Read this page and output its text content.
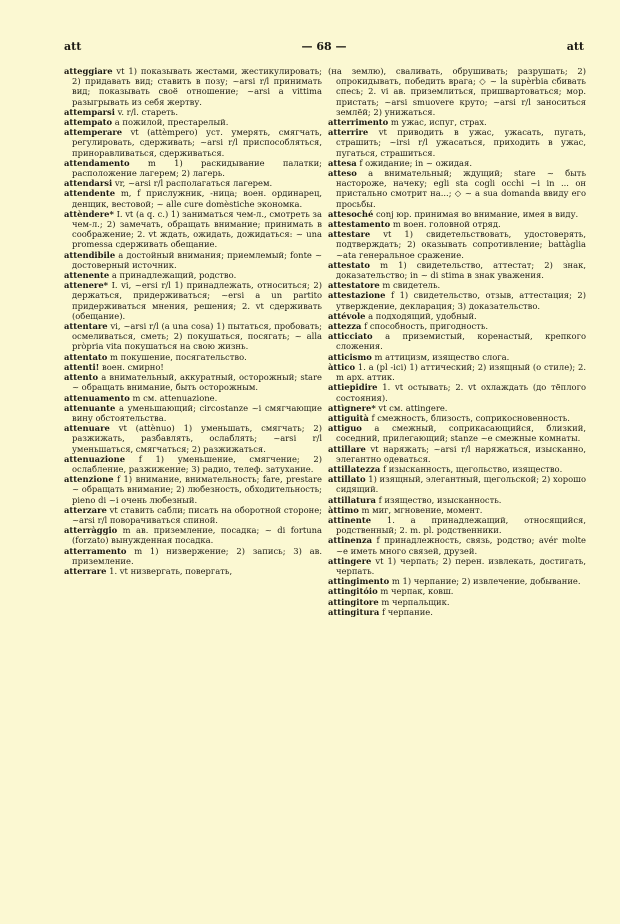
att	— 68 —	att

atteggiare vt 1) показывать жестами, жестикулировать; 2) придавать вид; ставить в позу; ~arsi r/l принимать вид; показывать своё отношение; ~arsi a vittima разыгрывать из себя жертву.

attemparsi v. r/l. стареть.

attempato a пожилой, престарелый.

attemperare vt (attèmpero) уст. умерять, смягчать, регулировать, сдерживать; ~arsi r/l приспособляться, приноравливаться, сдерживаться.

attendamento m 1) раскидывание палатки; расположение лагерем; 2) лагерь.

attendarsi vr, ~arsi r/l располагаться лагерем.

attendente m, f прислужник, -ница; воен. ординарец, денщик, вестовой; ~ alle cure domèstiche экономка.

attèndere* I. vt (a q. c.) 1) заниматься чем-л., смотреть за чем-л.; 2) замечать, обращать внимание; принимать в соображение; 2. vt ждать, ожидать, дожидаться: ~ una promessa сдерживать обещание.

attendibile a достойный внимания; приемлемый; fonte ~ достоверный источник.

attenente a принадлежащий, родство.

attenere* I. vi, ~ersi r/l 1) принадлежать, относиться; 2) держаться, придерживаться; ~ersi a un partito придерживаться мнения, решения; 2. vt сдерживать (обещание).

attentare vi, ~arsi r/l (a una cosa) 1) пытаться, пробовать; осмеливаться, сметь; 2) покушаться, посягать; ~ alla pròpria vita покушаться на свою жизнь.

attentato m покушение, посягательство.

attenti! воен. смирно!

attento a внимательный, аккуратный, осторожный; stare ~ обращать внимание, быть осторожным.

attenuamento m см. attenuazione.

attenuante a уменьшающий; circostanze ~i смягчающие вину обстоятельства.

attenuare vt (attènuo) 1) уменьшать, смягчать; 2) разжижать, разбавлять, ослаблять; ~arsi r/l уменьшаться, смягчаться; 2) разжижаться.

attenuazione f 1) уменьшение, смягчение; 2) ослабление, разжижение; 3) радио, телеф. затухание.

attenzione f 1) внимание, внимательность; fare, prestare ~ обращать внимание; 2) любезность, обходительность; pieno di ~i очень любезный.

atterzare vt ставить сабли; писать на оборотной стороне; ~arsi r/l поворачиваться спиной.

atterràggio m ав. приземление, посадка; ~ di fortuna (forzato) вынужденная посадка.

atterramento m 1) низвержение; 2) запись; 3) ав. приземление.

atterrare 1. vt низвергать, повергать,

(на землю), сваливать, обрушивать; разрушать; 2) опрокидывать, победить врага; ◇ ~ la supèrbia сбивать спесь; 2. vi ав. приземлиться, пришвартоваться; мор. пристать; ~arsi smuovere круто; ~arsi r/l заноситься землёй; 2) унижаться.

atterrimento m ужас, испуг, страх.

atterrire vt приводить в ужас, ужасать, пугать, страшить; ~irsi r/l ужасаться, приходить в ужас, пугаться, страшиться.

attesa f ожидание; in ~ ожидая.

atteso a внимательный; ждущий; stare ~ быть настороже, начеку; egli sta cogli occhi ~i in ... он пристально смотрит на...; ◇ ~ a sua domanda ввиду его просьбы.

attesoché conj юр. принимая во внимание, имея в виду.

attestamento m воен. головной отряд.

attestare vt 1) свидетельствовать, удостоверять, подтверждать; 2) оказывать сопротивление; battàglia ~ata генеральное сражение.

attestato m 1) свидетельство, аттестат; 2) знак, доказательство; in ~ di stima в знак уважения.

attestatore m свидетель.

attestazione f 1) свидетельство, отзыв, аттестация; 2) утверждение, декларация; 3) доказательство.

attévole a подходящий, удобный.

attezza f способность, пригодность.

atticciato a приземистый, коренастый, крепкого сложения.

atticismo m аттицизм, изящество слога.

àttico 1. a (pl -ici) 1) аттический; 2) изящный (о стиле); 2. m арх. аттик.

attiepidire 1. vt остывать; 2. vt охлаждать (до тёплого состояния).

attìgnere* vt см. attingere.

attiguità f смежность, близость, соприкосновенность.

attiguo a смежный, соприкасающийся, близкий, соседний, прилегающий; stanze ~e смежные комнаты.

attillare vt наряжать; ~arsi r/l наряжаться, изысканно, элегантно одеваться.

attillatezza f изысканность, щегольство, изящество.

attillato 1) изящный, элегантный, щегольской; 2) хорошо сидящий.

attillatura f изящество, изысканность.

àttimo m миг, мгновение, момент.

attinente 1. a принадлежащий, относящийся, родственный; 2. m. pl. родственники.

attinenza f принадлежность, связь, родство; avér molte ~e иметь много связей, друзей.

attingere vt 1) черпать; 2) перен. извлекать, достигать, черпать.

attingimento m 1) черпание; 2) извлечение, добывание.

attingitóio m черпак, ковш.

attingitore m черпальщик.

attingitura f черпание.
